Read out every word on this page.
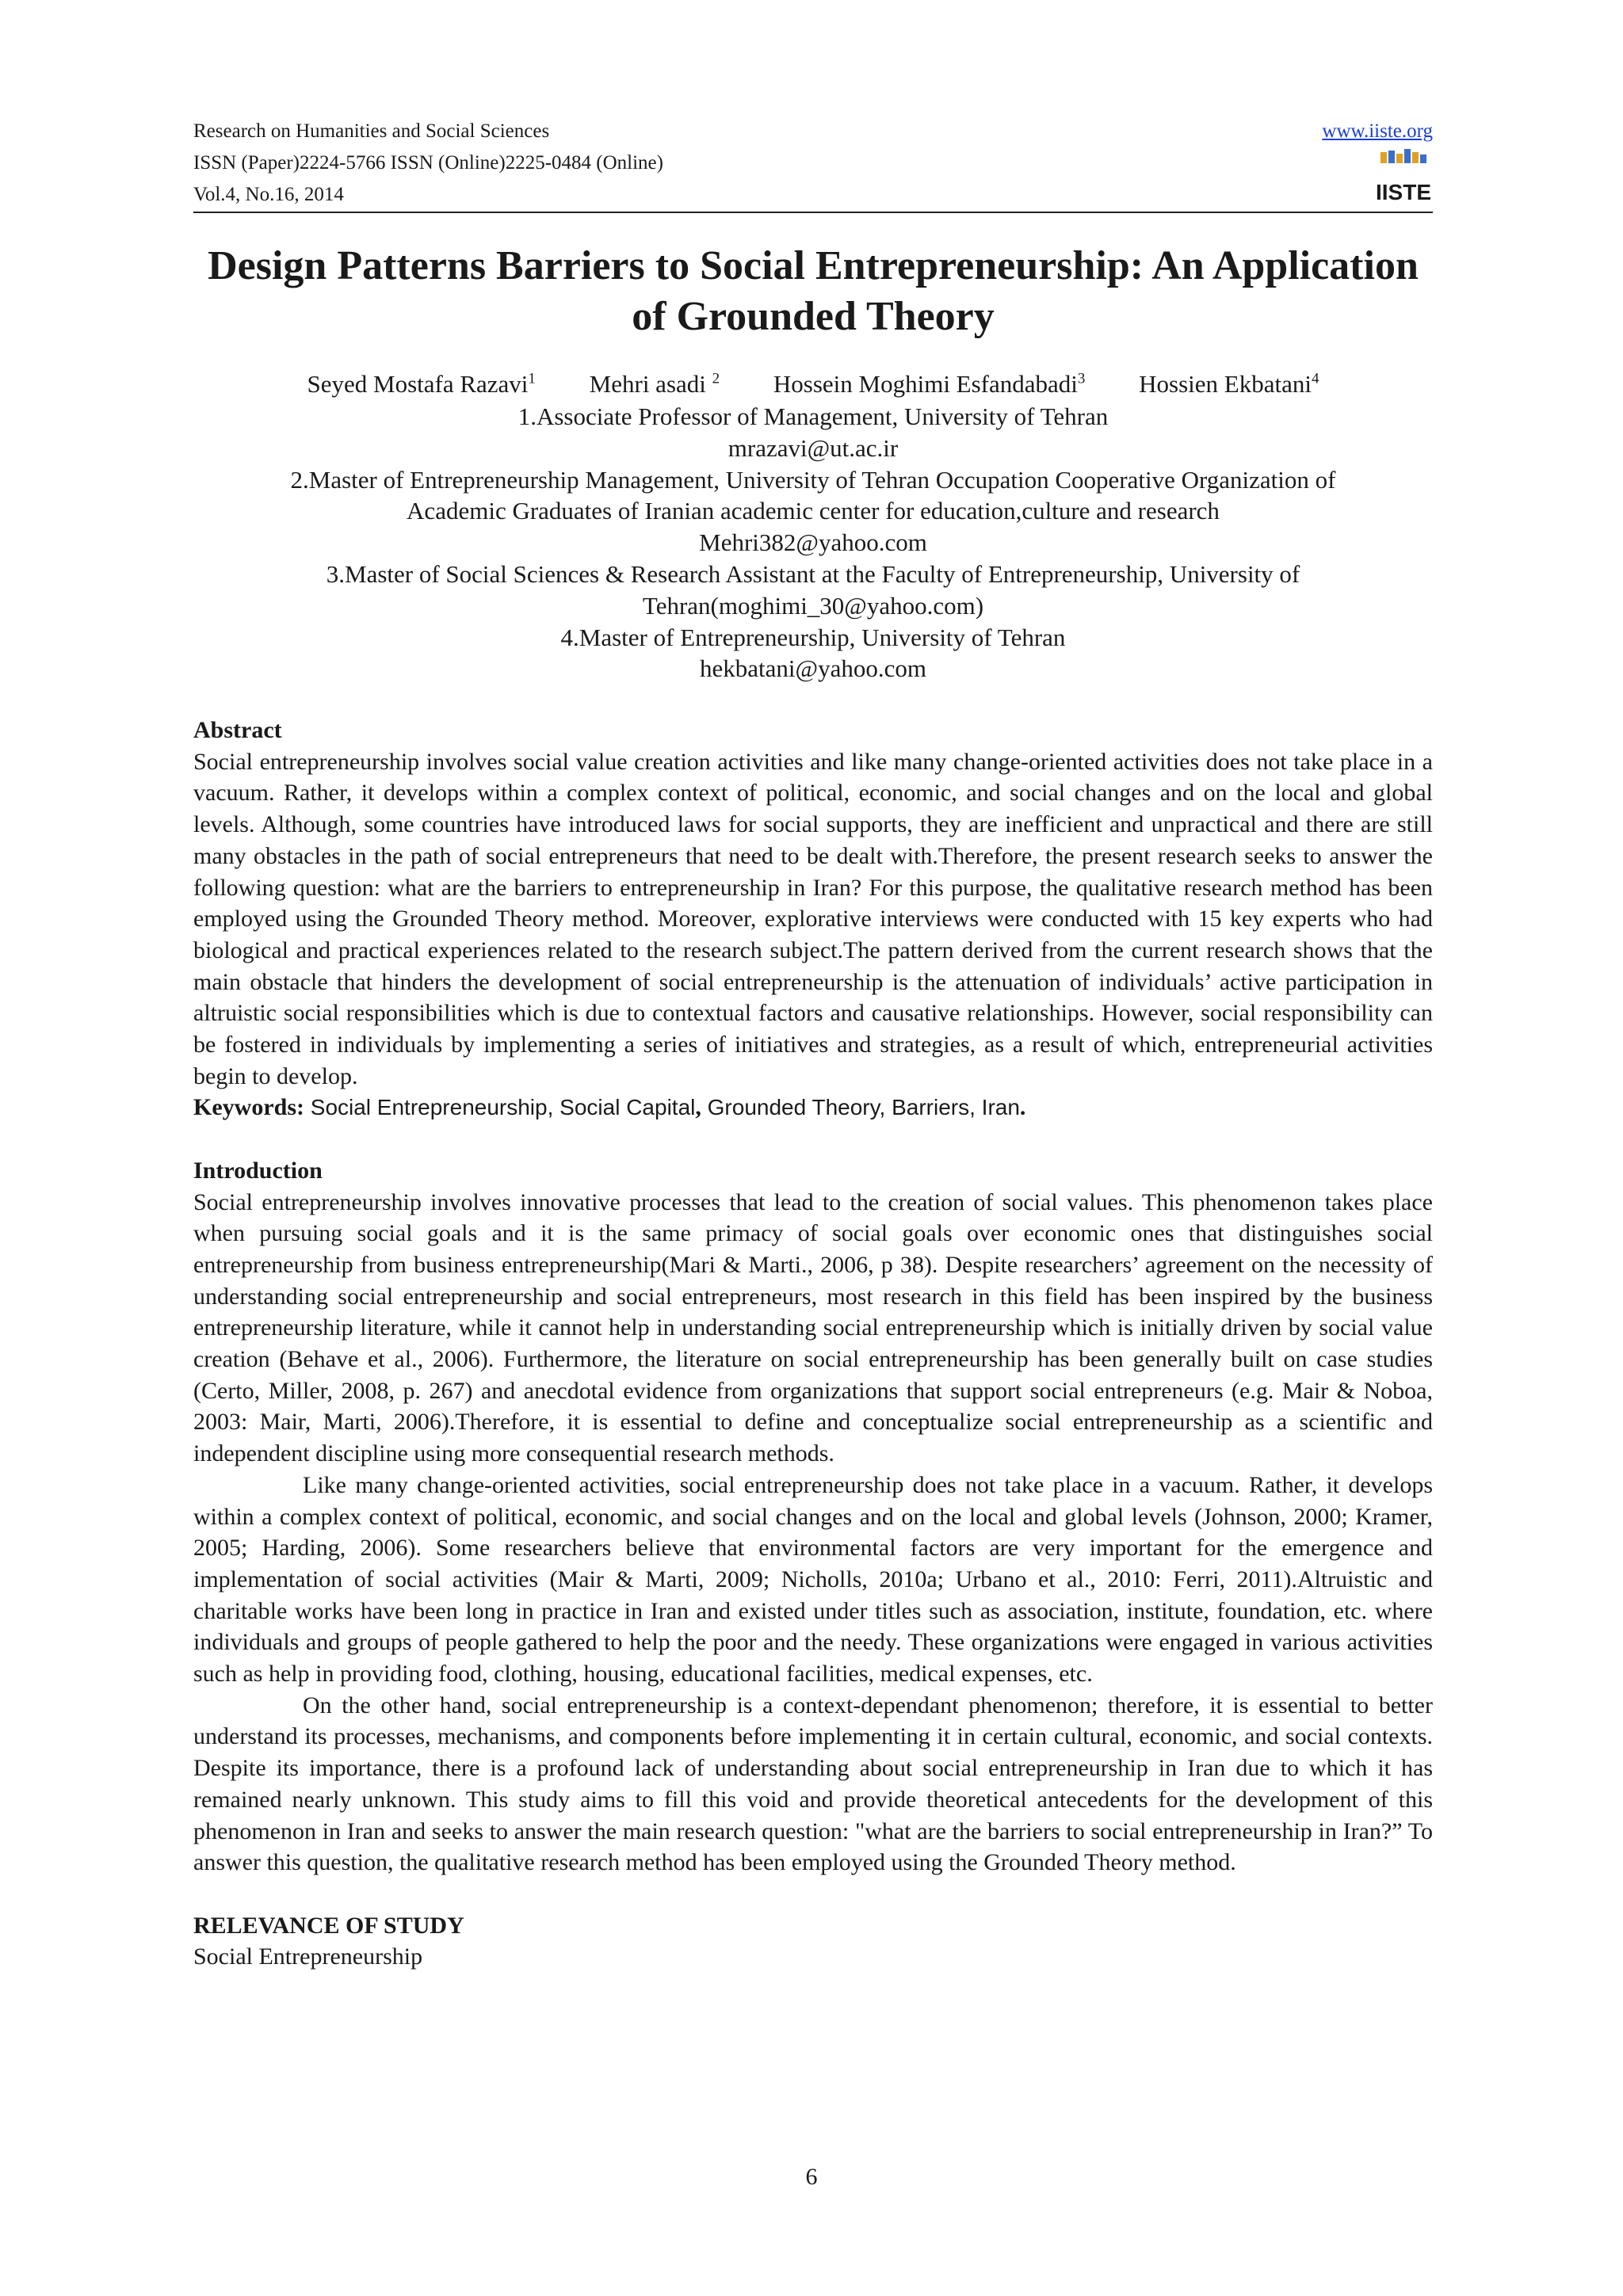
Research on Humanities and Social Sciences
ISSN (Paper)2224-5766 ISSN (Online)2225-0484 (Online)
Vol.4, No.16, 2014
www.iiste.org
IISTE
Design Patterns Barriers to Social Entrepreneurship: An Application of Grounded Theory
Seyed Mostafa Razavi$^1$ Mehri asadi $^2$ Hossein Moghimi Esfandabadi$^3$ Hossien Ekbatani$^4$
1.Associate Professor of Management, University of Tehran
mrazavi@ut.ac.ir
2.Master of Entrepreneurship Management, University of Tehran Occupation Cooperative Organization of
Academic Graduates of Iranian academic center for education,culture and research
Mehri382@yahoo.com
3.Master of Social Sciences & Research Assistant at the Faculty of Entrepreneurship, University of
Tehran(moghimi_30@yahoo.com)
4.Master of Entrepreneurship, University of Tehran
hekbatani@yahoo.com
Abstract

Social entrepreneurship involves social value creation activities and like many change-oriented activities does not take place in a vacuum. Rather, it develops within a complex context of political, economic, and social changes and on the local and global levels. Although, some countries have introduced laws for social supports, they are inefficient and unpractical and there are still many obstacles in the path of social entrepreneurs that need to be dealt with.Therefore, the present research seeks to answer the following question: what are the barriers to entrepreneurship in Iran? For this purpose, the qualitative research method has been employed using the Grounded Theory method. Moreover, explorative interviews were conducted with 15 key experts who had biological and practical experiences related to the research subject.The pattern derived from the current research shows that the main obstacle that hinders the development of social entrepreneurship is the attenuation of individuals’ active participation in altruistic social responsibilities which is due to contextual factors and causative relationships. However, social responsibility can be fostered in individuals by implementing a series of initiatives and strategies, as a result of which, entrepreneurial activities begin to develop.

Keywords: Social Entrepreneurship, Social Capital, Grounded Theory, Barriers, Iran.
Introduction

Social entrepreneurship involves innovative processes that lead to the creation of social values. This phenomenon takes place when pursuing social goals and it is the same primacy of social goals over economic ones that distinguishes social entrepreneurship from business entrepreneurship(Mari & Marti., 2006, p 38). Despite researchers’ agreement on the necessity of understanding social entrepreneurship and social entrepreneurs, most research in this field has been inspired by the business entrepreneurship literature, while it cannot help in understanding social entrepreneurship which is initially driven by social value creation (Behave et al., 2006). Furthermore, the literature on social entrepreneurship has been generally built on case studies (Certo, Miller, 2008, p. 267) and anecdotal evidence from organizations that support social entrepreneurs (e.g. Mair & Noboa, 2003: Mair, Marti, 2006).Therefore, it is essential to define and conceptualize social entrepreneurship as a scientific and independent discipline using more consequential research methods.

Like many change-oriented activities, social entrepreneurship does not take place in a vacuum. Rather, it develops within a complex context of political, economic, and social changes and on the local and global levels (Johnson, 2000; Kramer, 2005; Harding, 2006). Some researchers believe that environmental factors are very important for the emergence and implementation of social activities (Mair & Marti, 2009; Nicholls, 2010a; Urbano et al., 2010: Ferri, 2011).Altruistic and charitable works have been long in practice in Iran and existed under titles such as association, institute, foundation, etc. where individuals and groups of people gathered to help the poor and the needy. These organizations were engaged in various activities such as help in providing food, clothing, housing, educational facilities, medical expenses, etc.

On the other hand, social entrepreneurship is a context-dependant phenomenon; therefore, it is essential to better understand its processes, mechanisms, and components before implementing it in certain cultural, economic, and social contexts. Despite its importance, there is a profound lack of understanding about social entrepreneurship in Iran due to which it has remained nearly unknown. This study aims to fill this void and provide theoretical antecedents for the development of this phenomenon in Iran and seeks to answer the main research question: "what are the barriers to social entrepreneurship in Iran?” To answer this question, the qualitative research method has been employed using the Grounded Theory method.

RELEVANCE OF STUDY
Social Entrepreneurship
6
